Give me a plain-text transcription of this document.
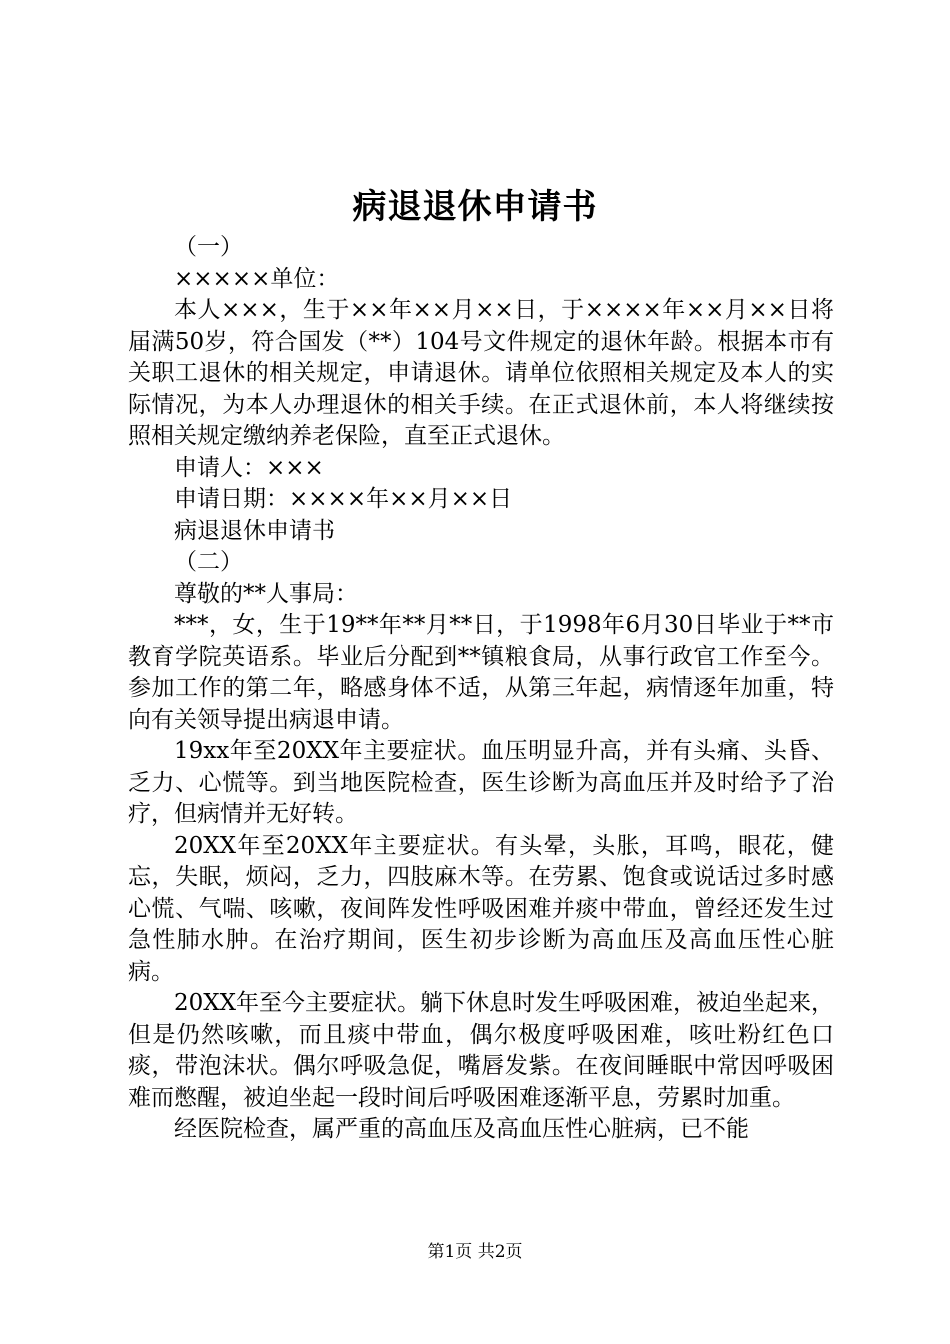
病退退休申请书

（一）

×××××单位：

本人×××，生于××年××月××日，于××××年××月××日将届满50岁，符合国发（**）104号文件规定的退休年龄。根据本市有关职工退休的相关规定，申请退休。请单位依照相关规定及本人的实际情况，为本人办理退休的相关手续。在正式退休前，本人将继续按照相关规定缴纳养老保险，直至正式退休。

申请人：×××

申请日期：××××年××月××日

病退退休申请书

（二）

尊敬的**人事局：

***，女，生于19**年**月**日，于1998年6月30日毕业于**市教育学院英语系。毕业后分配到**镇粮食局，从事行政官工作至今。参加工作的第二年，略感身体不适，从第三年起，病情逐年加重，特向有关领导提出病退申请。

19xx年至20XX年主要症状。血压明显升高，并有头痛、头昏、乏力、心慌等。到当地医院检查，医生诊断为高血压并及时给予了治疗，但病情并无好转。

20XX年至20XX年主要症状。有头晕，头胀，耳鸣，眼花，健忘，失眠，烦闷，乏力，四肢麻木等。在劳累、饱食或说话过多时感心慌、气喘、咳嗽，夜间阵发性呼吸困难并痰中带血，曾经还发生过急性肺水肿。在治疗期间，医生初步诊断为高血压及高血压性心脏病。

20XX年至今主要症状。躺下休息时发生呼吸困难，被迫坐起来，但是仍然咳嗽，而且痰中带血，偶尔极度呼吸困难，咳吐粉红色口痰，带泡沫状。偶尔呼吸急促，嘴唇发紫。在夜间睡眠中常因呼吸困难而憋醒，被迫坐起一段时间后呼吸困难逐渐平息，劳累时加重。

经医院检查，属严重的高血压及高血压性心脏病，已不能

第1页 共2页
